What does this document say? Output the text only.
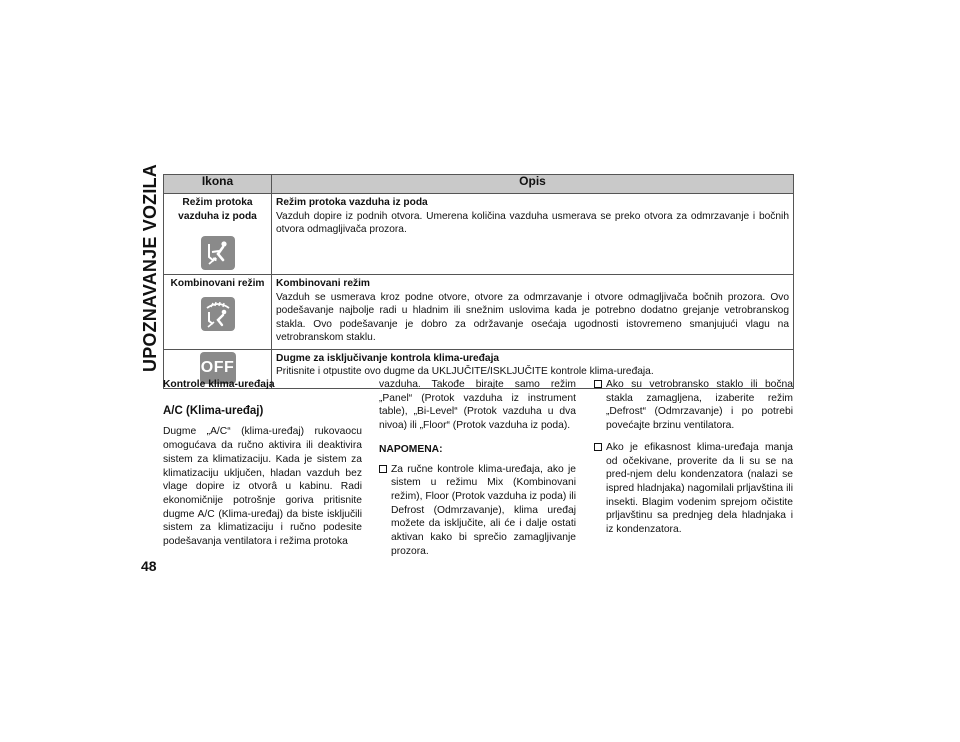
UPOZNAVANJE VOZILA	Ikona	Opis

Režim protoka vazduha iz poda	Režim protoka vazduha iz poda
Vazduh dopire iz podnih otvora. Umerena količina vazduha usmerava se preko otvora za odmrzavanje i bočnih otvora odmagljivača prozora.

Kombinovani režim	Kombinovani režim
Vazduh se usmerava kroz podne otvore, otvore za odmrzavanje i otvore odmagljivača bočnih prozora. Ovo podešavanje najbolje radi u hladnim ili snežnim uslovima kada je potrebno dodatno grejanje vetrobranskog stakla. Ovo podešavanje je dobro za održavanje osećaja ugodnosti istovremeno smanjujući vlagu na vetrobranskom staklu.

OFF	Dugme za isključivanje kontrola klima-uređaja
Pritisnite i otpustite ovo dugme da UKLJUČITE/ISKLJUČITE kontrole klima-uređaja.
Kontrole klima-uređaja
A/C (Klima-uređaj)

Dugme „A/C“ (klima-uređaj) rukovaocu omogućava da ručno aktivira ili deaktivira sistem za klimatizaciju. Kada je sistem za klimatizaciju uključen, hladan vazduh bez vlage dopire iz otvorâ u kabinu. Radi ekonomičnije potrošnje goriva pritisnite dugme A/C (Klima-uređaj) da biste isključili sistem za klimatizaciju i ručno podesite podešavanja ventilatora i režima protoka

vazduha. Takođe birajte samo režim „Panel“ (Protok vazduha iz instrument table), „Bi-Level“ (Protok vazduha u dva nivoa) ili „Floor“ (Protok vazduha iz poda).

NAPOMENA:
Za ručne kontrole klima-uređaja, ako je sistem u režimu Mix (Kombinovani režim), Floor (Protok vazduha iz poda) ili Defrost (Odmrzavanje), klima uređaj možete da isključite, ali će i dalje ostati aktivan kako bi sprečio zamagljivanje prozora.
Ako su vetrobransko staklo ili bočna stakla zamagljena, izaberite režim „Defrost“ (Odmrzavanje) i po potrebi povećajte brzinu ventilatora.
Ako je efikasnost klima-uređaja manja od očekivane, proverite da li su se na pred-njem delu kondenzatora (nalazi se ispred hladnjaka) nagomilali prljavština ili insekti. Blagim vodenim sprejom očistite prljavštinu sa prednjeg dela hladnjaka i iz kondenzatora.
48
